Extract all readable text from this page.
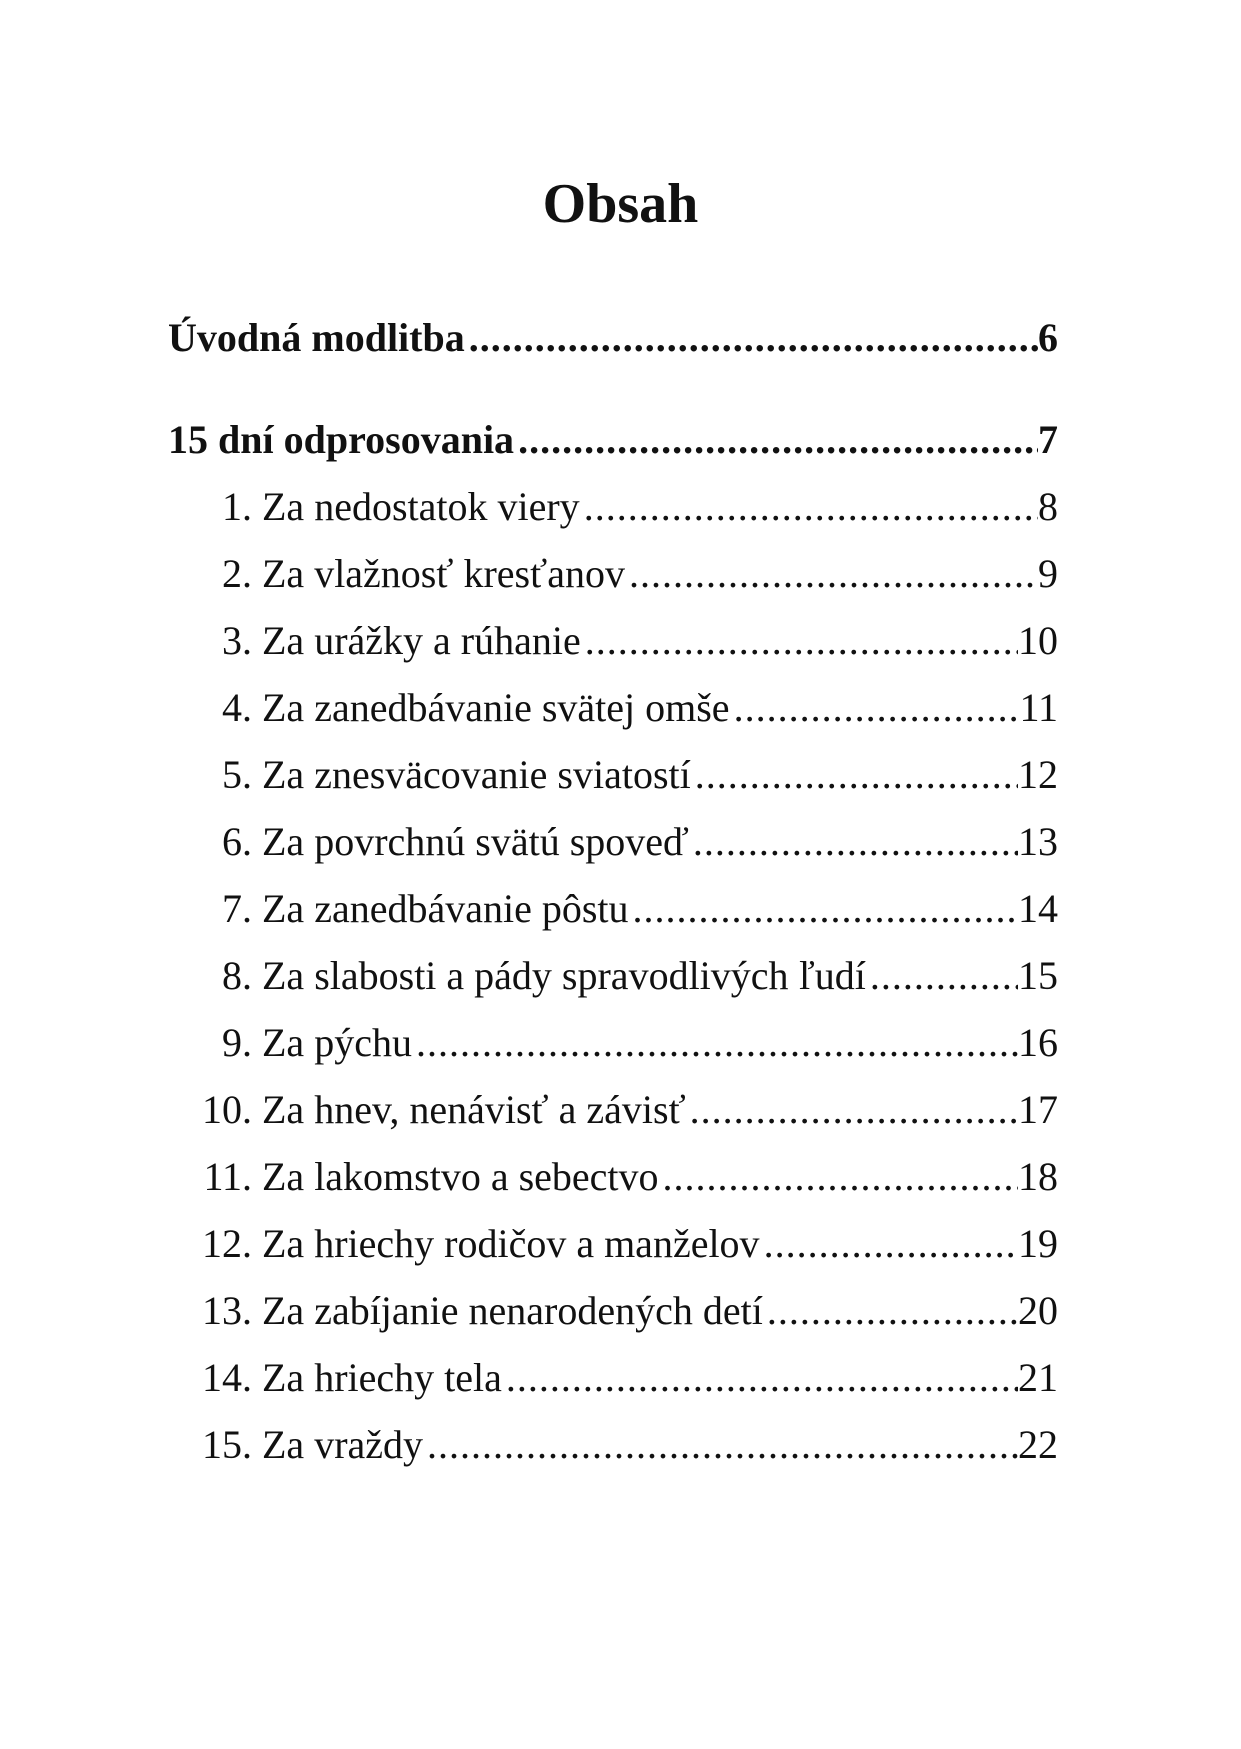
Obsah
Úvodná modlitba .....	6
15 dní odprosovania .....	7
1. Za nedostatok viery .....	8
2. Za vlažnosť kresťanov .....	9
3. Za urážky a rúhanie .....	10
4. Za zanedbávanie svätej omše .....	11
5. Za znesväcovanie sviatostí .....	12
6. Za povrchnú svätú spoveď .....	13
7. Za zanedbávanie pôstu .....	14
8. Za slabosti a pády spravodlivých ľudí .....	15
9. Za pýchu .....	16
10. Za hnev, nenávisť a závisť .....	17
11. Za lakomstvo a sebectvo .....	18
12. Za hriechy rodičov a manželov .....	19
13. Za zabíjanie nenarodených detí .....	20
14. Za hriechy tela .....	21
15. Za vraždy .....	22
